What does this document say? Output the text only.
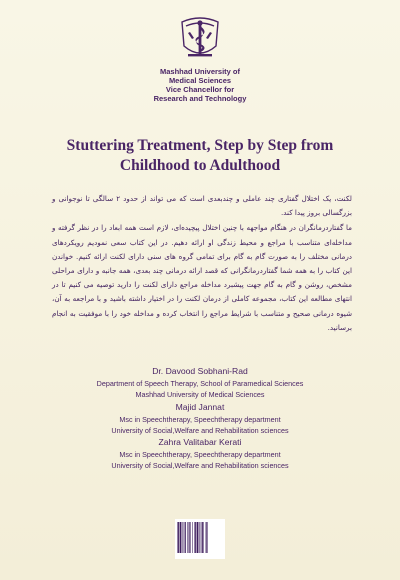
Mashhad University of
Medical Sciences
Vice Chancellor for
Research and Technology
Stuttering Treatment, Step by Step from
Childhood to Adulthood

لکنت، یک اختلال گفتاری چند عاملی و چندبعدی است که می تواند از حدود ۲ سالگی تا نوجوانی و بزرگسالی بروز پیدا کند.

ما گفتاردرمانگران در هنگام مواجهه با چنین اختلال پیچیده‌ای، لازم است همه ابعاد را در نظر گرفته و مداخله‌ای متناسب با مراجع و محیط زندگی او ارائه دهیم. در این کتاب سعی نمودیم رویکردهای درمانی مختلف را به صورت گام به گام برای تمامی گروه های سنی دارای لکنت ارائه کنیم. خواندن این کتاب را به همه شما گفتاردرمانگرانی که قصد ارائه درمانی چند بعدی، همه جانبه و دارای مراحلی مشخص، روشن و گام به گام جهت پیشبرد مداخله مراجع دارای لکنت را دارید توصیه می کنیم تا در انتهای مطالعه این کتاب، مجموعه کاملی از درمان لکنت را در اختیار داشته باشید و با مراجعه به آن، شیوه درمانی صحیح و متناسب با شرایط مراجع را انتخاب کرده و مداخله خود را با موفقیت به انجام برسانید.

Dr. Davood Sobhani-Rad
Department of Speech Therapy, School of Paramedical Sciences
Mashhad University of Medical Sciences
Majid Jannat
Msc in Speechtherapy, Speechtherapy department
University of Social,Welfare and Rehabilitation sciences
Zahra Valitabar Kerati
Msc in Speechtherapy, Speechtherapy department
University of Social,Welfare and Rehabilitation sciences
